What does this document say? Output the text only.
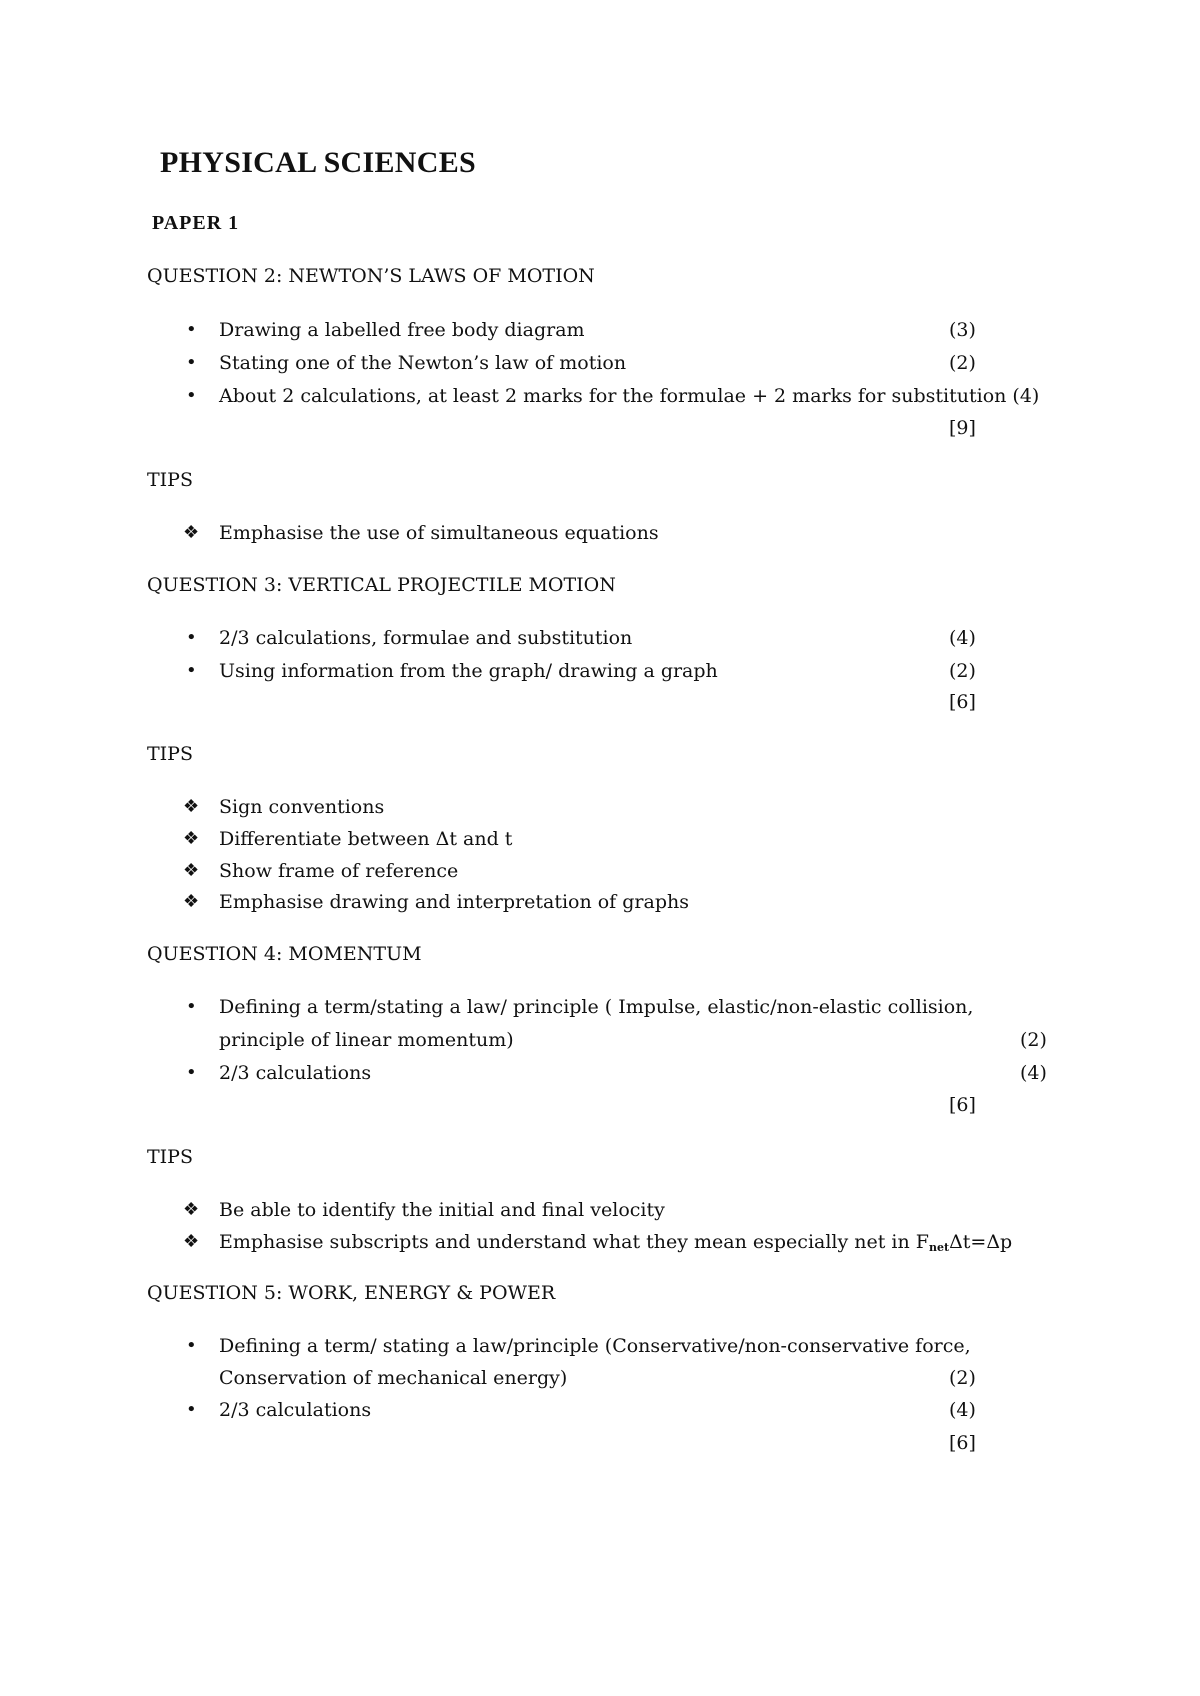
PHYSICAL SCIENCES
PAPER 1
QUESTION 2: NEWTON’S LAWS OF MOTION
• Drawing a labelled free body diagram	(3)
• Stating one of the Newton’s law of motion	(2)
• About 2 calculations, at least 2 marks for the formulae + 2 marks for substitution (4)
[9]
TIPS
❖ Emphasise the use of simultaneous equations
QUESTION 3: VERTICAL PROJECTILE MOTION
• 2/3 calculations, formulae and substitution	(4)
• Using information from the graph/ drawing a graph	(2)
[6]
TIPS
❖ Sign conventions
❖ Differentiate between Δt and t
❖ Show frame of reference
❖ Emphasise drawing and interpretation of graphs
QUESTION 4: MOMENTUM
• Defining a term/stating a law/ principle ( Impulse, elastic/non-elastic collision,
principle of linear momentum)	(2)
• 2/3 calculations	(4)
[6]
TIPS
❖ Be able to identify the initial and final velocity
❖ Emphasise subscripts and understand what they mean especially net in $F_{net}\Delta t=\Delta p$
QUESTION 5: WORK, ENERGY & POWER
• Defining a term/ stating a law/principle (Conservative/non-conservative force,
Conservation of mechanical energy)	(2)
• 2/3 calculations	(4)
[6]
